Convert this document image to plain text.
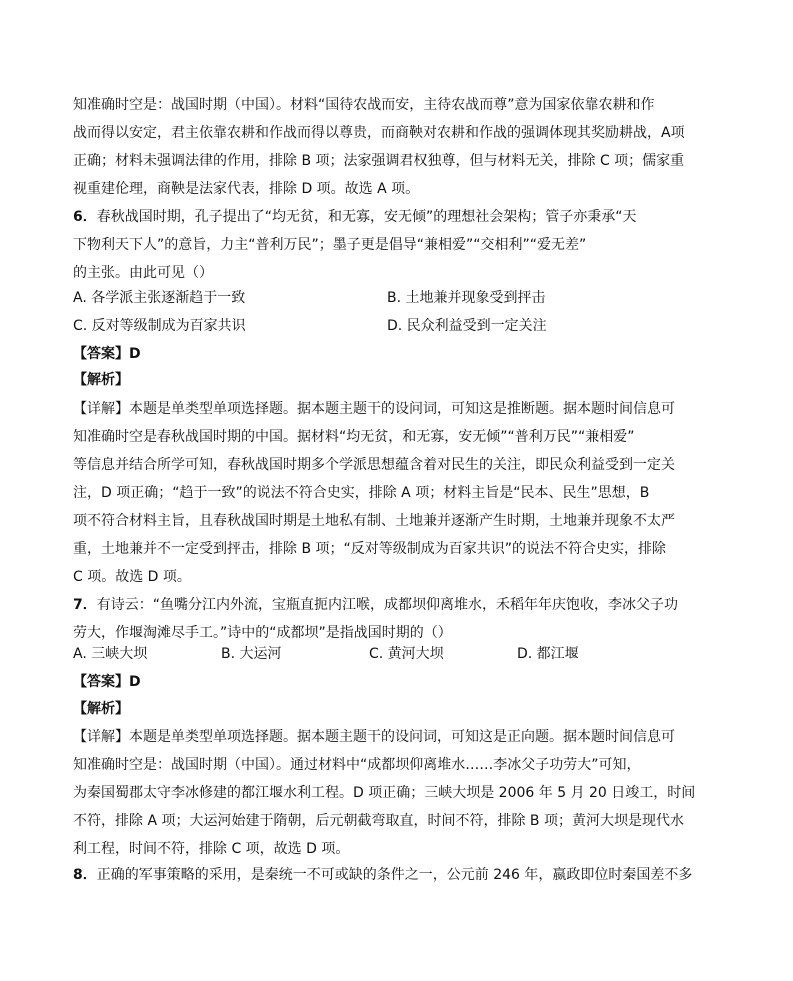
知准确时空是：战国时期（中国）。材料“国待农战而安，主待农战而尊”意为国家依靠农耕和作
战而得以安定，君主依靠农耕和作战而得以尊贵，而商鞅对农耕和作战的强调体现其奖励耕战，A项
正确；材料未强调法律的作用，排除 B 项；法家强调君权独尊，但与材料无关，排除 C 项；儒家重
视重建伦理，商鞅是法家代表，排除 D 项。故选 A 项。
6．春秋战国时期，孔子提出了“均无贫，和无寡，安无倾”的理想社会架构；管子亦秉承“天
下物利天下人”的意旨，力主“普利万民”；墨子更是倡导“兼相爱”“交相利”“爱无差”
的主张。由此可见（）
A. 各学派主张逐渐趋于一致	B. 土地兼并现象受到抨击
C. 反对等级制成为百家共识	D. 民众利益受到一定关注
【答案】D
【解析】
【详解】本题是单类型单项选择题。据本题主题干的设问词，可知这是推断题。据本题时间信息可
知准确时空是春秋战国时期的中国。据材料“均无贫，和无寡，安无倾”“普利万民”“兼相爱”
等信息并结合所学可知，春秋战国时期多个学派思想蕴含着对民生的关注，即民众利益受到一定关
注，D 项正确；“趋于一致”的说法不符合史实，排除 A 项；材料主旨是“民本、民生”思想，B
项不符合材料主旨，且春秋战国时期是土地私有制、土地兼并逐渐产生时期，土地兼并现象不太严
重，土地兼并不一定受到抨击，排除 B 项；“反对等级制成为百家共识”的说法不符合史实，排除
C 项。故选 D 项。
7．有诗云：“鱼嘴分江内外流，宝瓶直扼内江喉，成都坝仰离堆水，禾稻年年庆饱收，李冰父子功
劳大，作堰淘滩尽手工。”诗中的“成都坝”是指战国时期的（）
A. 三峡大坝	B. 大运河	C. 黄河大坝	D. 都江堰
【答案】D
【解析】
【详解】本题是单类型单项选择题。据本题主题干的设问词，可知这是正向题。据本题时间信息可
知准确时空是：战国时期（中国）。通过材料中“成都坝仰离堆水……李冰父子功劳大”可知，
为秦国蜀郡太守李冰修建的都江堰水利工程。D 项正确；三峡大坝是 2006 年 5 月 20 日竣工，时间
不符，排除 A 项；大运河始建于隋朝，后元朝截弯取直，时间不符，排除 B 项；黄河大坝是现代水
利工程，时间不符，排除 C 项，故选 D 项。
8．正确的军事策略的采用，是秦统一不可或缺的条件之一，公元前 246 年，嬴政即位时秦国差不多
